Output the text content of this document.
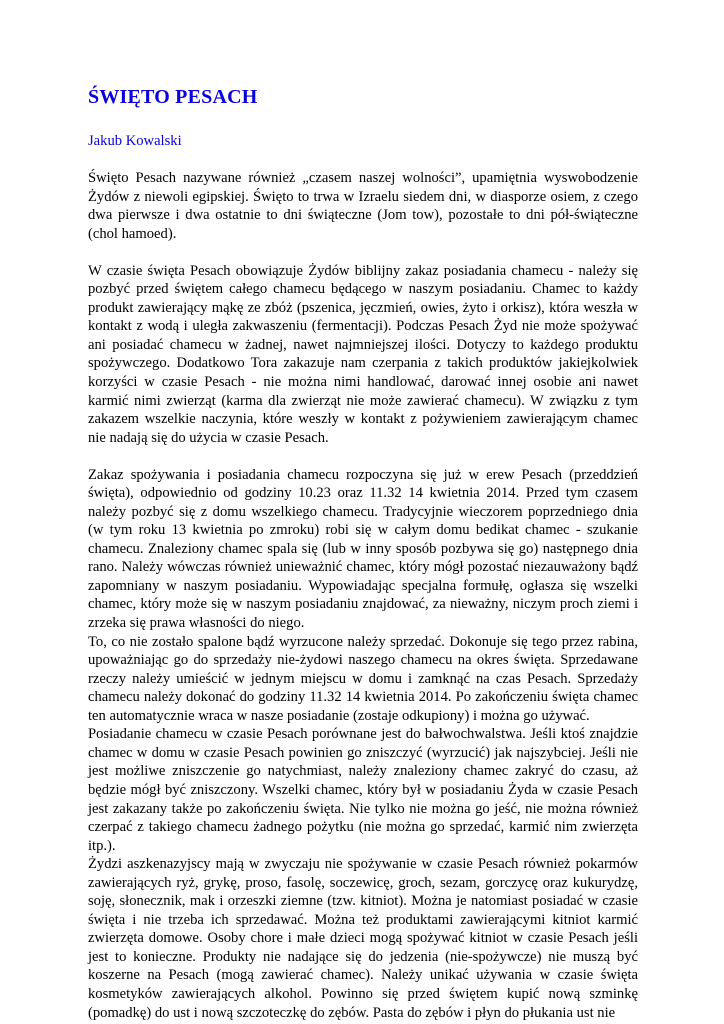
ŚWIĘTO PESACH
Jakub Kowalski

Święto Pesach nazywane również „czasem naszej wolności”, upamiętnia wyswobodzenie Żydów z niewoli egipskiej. Święto to trwa w Izraelu siedem dni, w diasporze osiem, z czego dwa pierwsze i dwa ostatnie to dni świąteczne (Jom tow), pozostałe to dni pół-świąteczne (chol hamoed).

W czasie święta Pesach obowiązuje Żydów biblijny zakaz posiadania chamecu - należy się pozbyć przed świętem całego chamecu będącego w naszym posiadaniu. Chamec to każdy produkt zawierający mąkę ze zbóż (pszenica, jęczmień, owies, żyto i orkisz), która weszła w kontakt z wodą i uległa zakwaszeniu (fermentacji). Podczas Pesach Żyd nie może spożywać ani posiadać chamecu w żadnej, nawet najmniejszej ilości. Dotyczy to każdego produktu spożywczego. Dodatkowo Tora zakazuje nam czerpania z takich produktów jakiejkolwiek korzyści w czasie Pesach - nie można nimi handlować, darować innej osobie ani nawet karmić nimi zwierząt (karma dla zwierząt nie może zawierać chamecu). W związku z tym zakazem wszelkie naczynia, które weszły w kontakt z pożywieniem zawierającym chamec nie nadają się do użycia w czasie Pesach.

Zakaz spożywania i posiadania chamecu rozpoczyna się już w erew Pesach (przeddzień święta), odpowiednio od godziny 10.23 oraz 11.32 14 kwietnia 2014. Przed tym czasem należy pozbyć się z domu wszelkiego chamecu. Tradycyjnie wieczorem poprzedniego dnia (w tym roku 13 kwietnia po zmroku) robi się w całym domu bedikat chamec - szukanie chamecu. Znaleziony chamec spala się (lub w inny sposób pozbywa się go) następnego dnia rano. Należy wówczas również unieważnić chamec, który mógł pozostać niezauważony bądź zapomniany w naszym posiadaniu. Wypowiadając specjalna formułę, ogłasza się wszelki chamec, który może się w naszym posiadaniu znajdować, za nieważny, niczym proch ziemi i zrzeka się prawa własności do niego.

To, co nie zostało spalone bądź wyrzucone należy sprzedać. Dokonuje się tego przez rabina, upoważniając go do sprzedaży nie-żydowi naszego chamecu na okres święta. Sprzedawane rzeczy należy umieścić w jednym miejscu w domu i zamknąć na czas Pesach. Sprzedaży chamecu należy dokonać do godziny 11.32 14 kwietnia 2014. Po zakończeniu święta chamec ten automatycznie wraca w nasze posiadanie (zostaje odkupiony) i można go używać.

Posiadanie chamecu w czasie Pesach porównane jest do bałwochwalstwa. Jeśli ktoś znajdzie chamec w domu w czasie Pesach powinien go zniszczyć (wyrzucić) jak najszybciej. Jeśli nie jest możliwe zniszczenie go natychmiast, należy znaleziony chamec zakryć do czasu, aż będzie mógł być zniszczony. Wszelki chamec, który był w posiadaniu Żyda w czasie Pesach jest zakazany także po zakończeniu święta. Nie tylko nie można go jeść, nie można również czerpać z takiego chamecu żadnego pożytku (nie można go sprzedać, karmić nim zwierzęta itp.).

Żydzi aszkenazyjscy mają w zwyczaju nie spożywanie w czasie Pesach również pokarmów zawierających ryż, grykę, proso, fasolę, soczewicę, groch, sezam, gorczycę oraz kukurydzę, soję, słonecznik, mak i orzeszki ziemne (tzw. kitniot). Można je natomiast posiadać w czasie święta i nie trzeba ich sprzedawać. Można też produktami zawierającymi kitniot karmić zwierzęta domowe. Osoby chore i małe dzieci mogą spożywać kitniot w czasie Pesach jeśli jest to konieczne. Produkty nie nadające się do jedzenia (nie-spożywcze) nie muszą być koszerne na Pesach (mogą zawierać chamec). Należy unikać używania w czasie święta kosmetyków zawierających alkohol. Powinno się przed świętem kupić nową szminkę (pomadkę) do ust i nową szczoteczkę do zębów. Pasta do zębów i płyn do płukania ust nie
